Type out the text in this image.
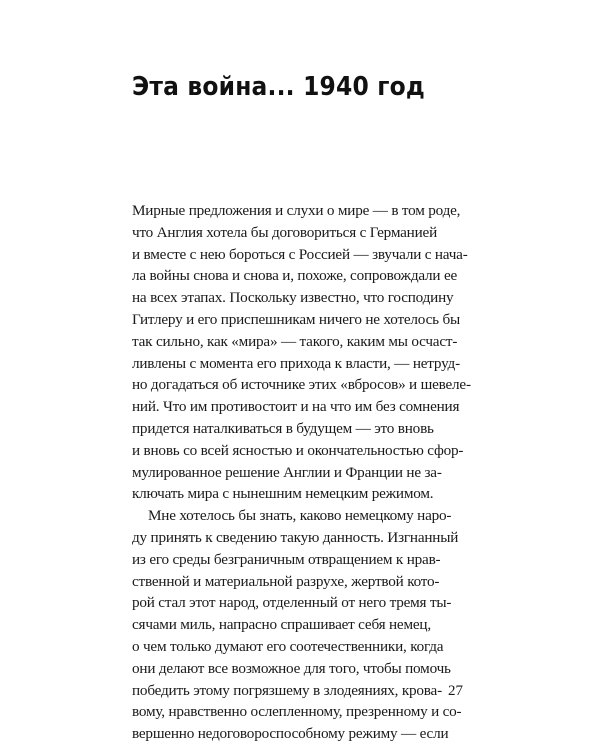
Эта война... 1940 год
Мирные предложения и слухи о мире — в том роде,
что Англия хотела бы договориться с Германией
и вместе с нею бороться с Россией — звучали с нача-
ла войны снова и снова и, похоже, сопровождали ее
на всех этапах. Поскольку известно, что господину
Гитлеру и его приспешникам ничего не хотелось бы
так сильно, как «мира» — такого, каким мы осчаст-
ливлены с момента его прихода к власти, — нетруд-
но догадаться об источнике этих «вбросов» и шевеле-
ний. Что им противостоит и на что им без сомнения
придется наталкиваться в будущем — это вновь
и вновь со всей ясностью и окончательностью сфор-
мулированное решение Англии и Франции не за-
ключать мира с нынешним немецким режимом.
Мне хотелось бы знать, каково немецкому наро-
ду принять к сведению такую данность. Изгнанный
из его среды безграничным отвращением к нрав-
ственной и материальной разрухе, жертвой кото-
рой стал этот народ, отделенный от него тремя ты-
сячами миль, напрасно спрашивает себя немец,
о чем только думают его соотечественники, когда
они делают все возможное для того, чтобы помочь
победить этому погрязшему в злодеяниях, крова-
вому, нравственно ослепленному, презренному и со-
вершенно недоговороспособному режиму — если
27
